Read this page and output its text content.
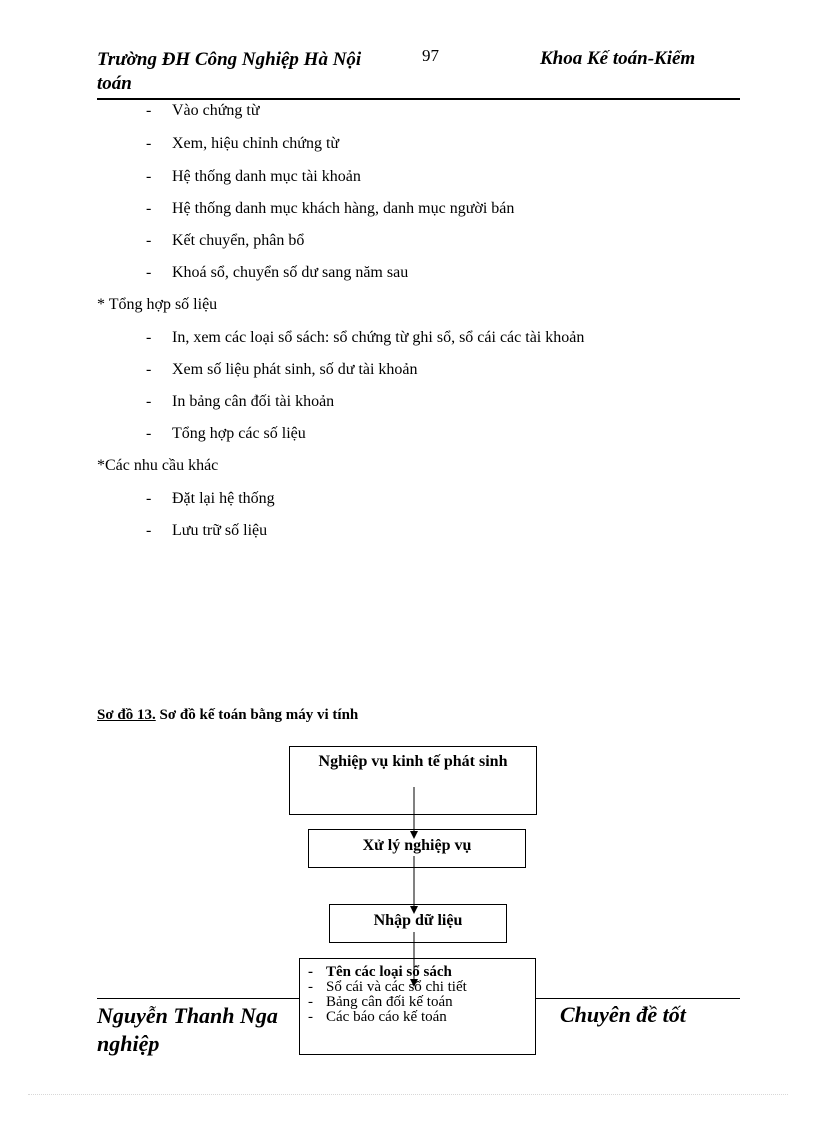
Trường ĐH Công Nghiệp Hà Nội
toán
97	Khoa Kế toán-Kiểm
- Vào chứng từ
- Xem, hiệu chỉnh chứng từ
- Hệ thống danh mục tài khoản
- Hệ thống danh mục khách hàng, danh mục người bán
- Kết chuyển, phân bổ
- Khoá sổ, chuyển số dư sang năm sau
* Tổng hợp số liệu
- In, xem các loại sổ sách: sổ chứng từ ghi sổ, sổ cái các tài khoản
- Xem số liệu phát sinh, số dư tài khoản
- In bảng cân đối tài khoản
- Tổng hợp các số liệu
*Các nhu cầu khác
- Đặt lại hệ thống
- Lưu trữ số liệu
Sơ đồ 13. Sơ đồ kế toán bằng máy vi tính
Nghiệp vụ kinh tế phát sinh
Xử lý nghiệp vụ
Nhập dữ liệu
Nguyễn Thanh Nga
nghiệp
Chuyên đề tốt
- Tên các loại sổ sách
- Sổ cái và các sổ chi tiết
- Bảng cân đối kế toán
- Các báo cáo kế toán
